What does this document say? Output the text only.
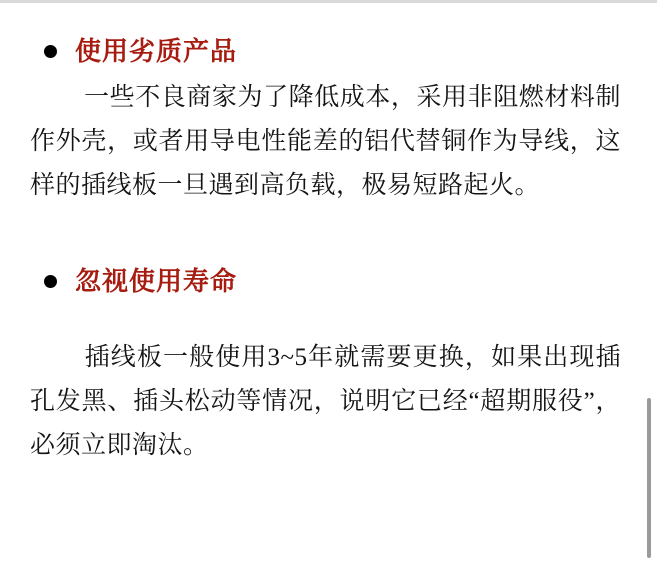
使用劣质产品

一些不良商家为了降低成本，采用非阻燃材料制作外壳，或者用导电性能差的铝代替铜作为导线，这样的插线板一旦遇到高负载，极易短路起火。

忽视使用寿命

插线板一般使用3~5年就需要更换，如果出现插孔发黑、插头松动等情况，说明它已经“超期服役”，必须立即淘汰。
